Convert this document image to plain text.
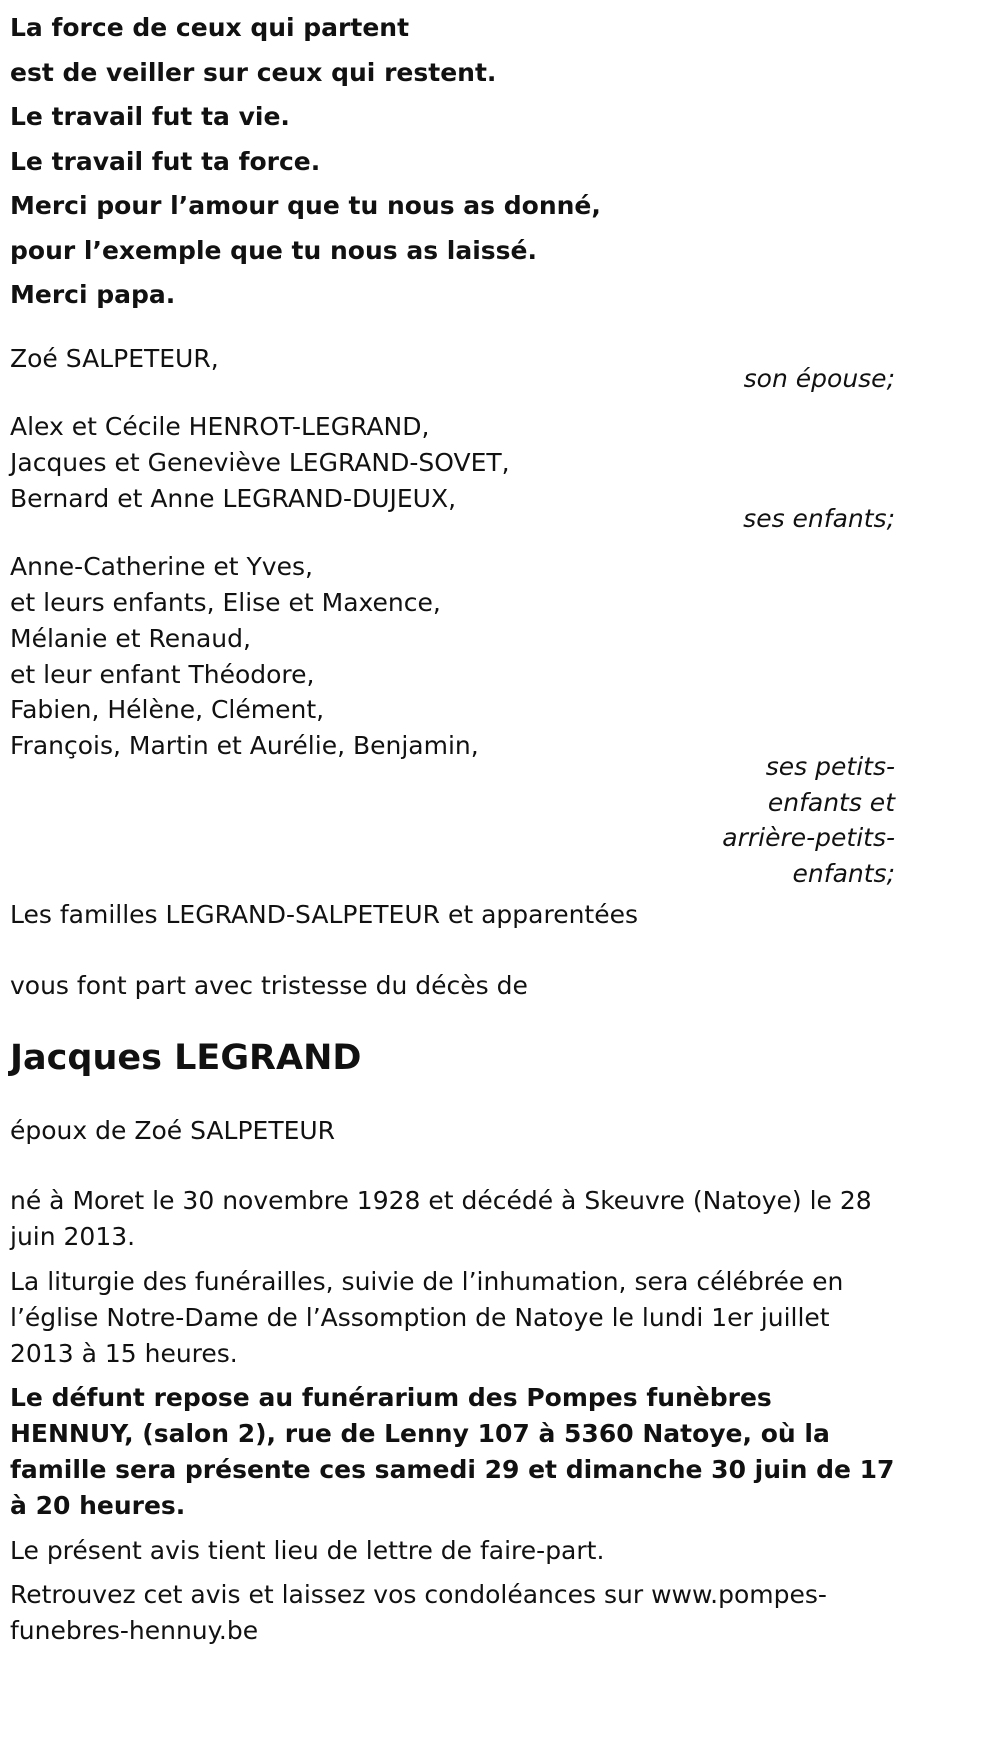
La force de ceux qui partent
est de veiller sur ceux qui restent.
Le travail fut ta vie.
Le travail fut ta force.
Merci pour l’amour que tu nous as donné,
pour l’exemple que tu nous as laissé.
Merci papa.
Zoé SALPETEUR,
son épouse;
Alex et Cécile HENROT-LEGRAND,
Jacques et Geneviève LEGRAND-SOVET,
Bernard et Anne LEGRAND-DUJEUX,
ses enfants;
Anne-Catherine et Yves,
et leurs enfants, Elise et Maxence,
Mélanie et Renaud,
et leur enfant Théodore,
Fabien, Hélène, Clément,
François, Martin et Aurélie, Benjamin,
ses petits-enfants et arrière-petits-enfants;

Les familles LEGRAND-SALPETEUR et apparentées

vous font part avec tristesse du décès de

Jacques LEGRAND

époux de Zoé SALPETEUR

né à Moret le 30 novembre 1928 et décédé à Skeuvre (Natoye) le 28 juin 2013.

La liturgie des funérailles, suivie de l’inhumation, sera célébrée en l’église Notre-Dame de l’Assomption de Natoye le lundi 1er juillet 2013 à 15 heures.

Le défunt repose au funérarium des Pompes funèbres HENNUY, (salon 2), rue de Lenny 107 à 5360 Natoye, où la famille sera présente ces samedi 29 et dimanche 30 juin de 17 à 20 heures.

Le présent avis tient lieu de lettre de faire-part.

Retrouvez cet avis et laissez vos condoléances sur www.pompes-funebres-hennuy.be
